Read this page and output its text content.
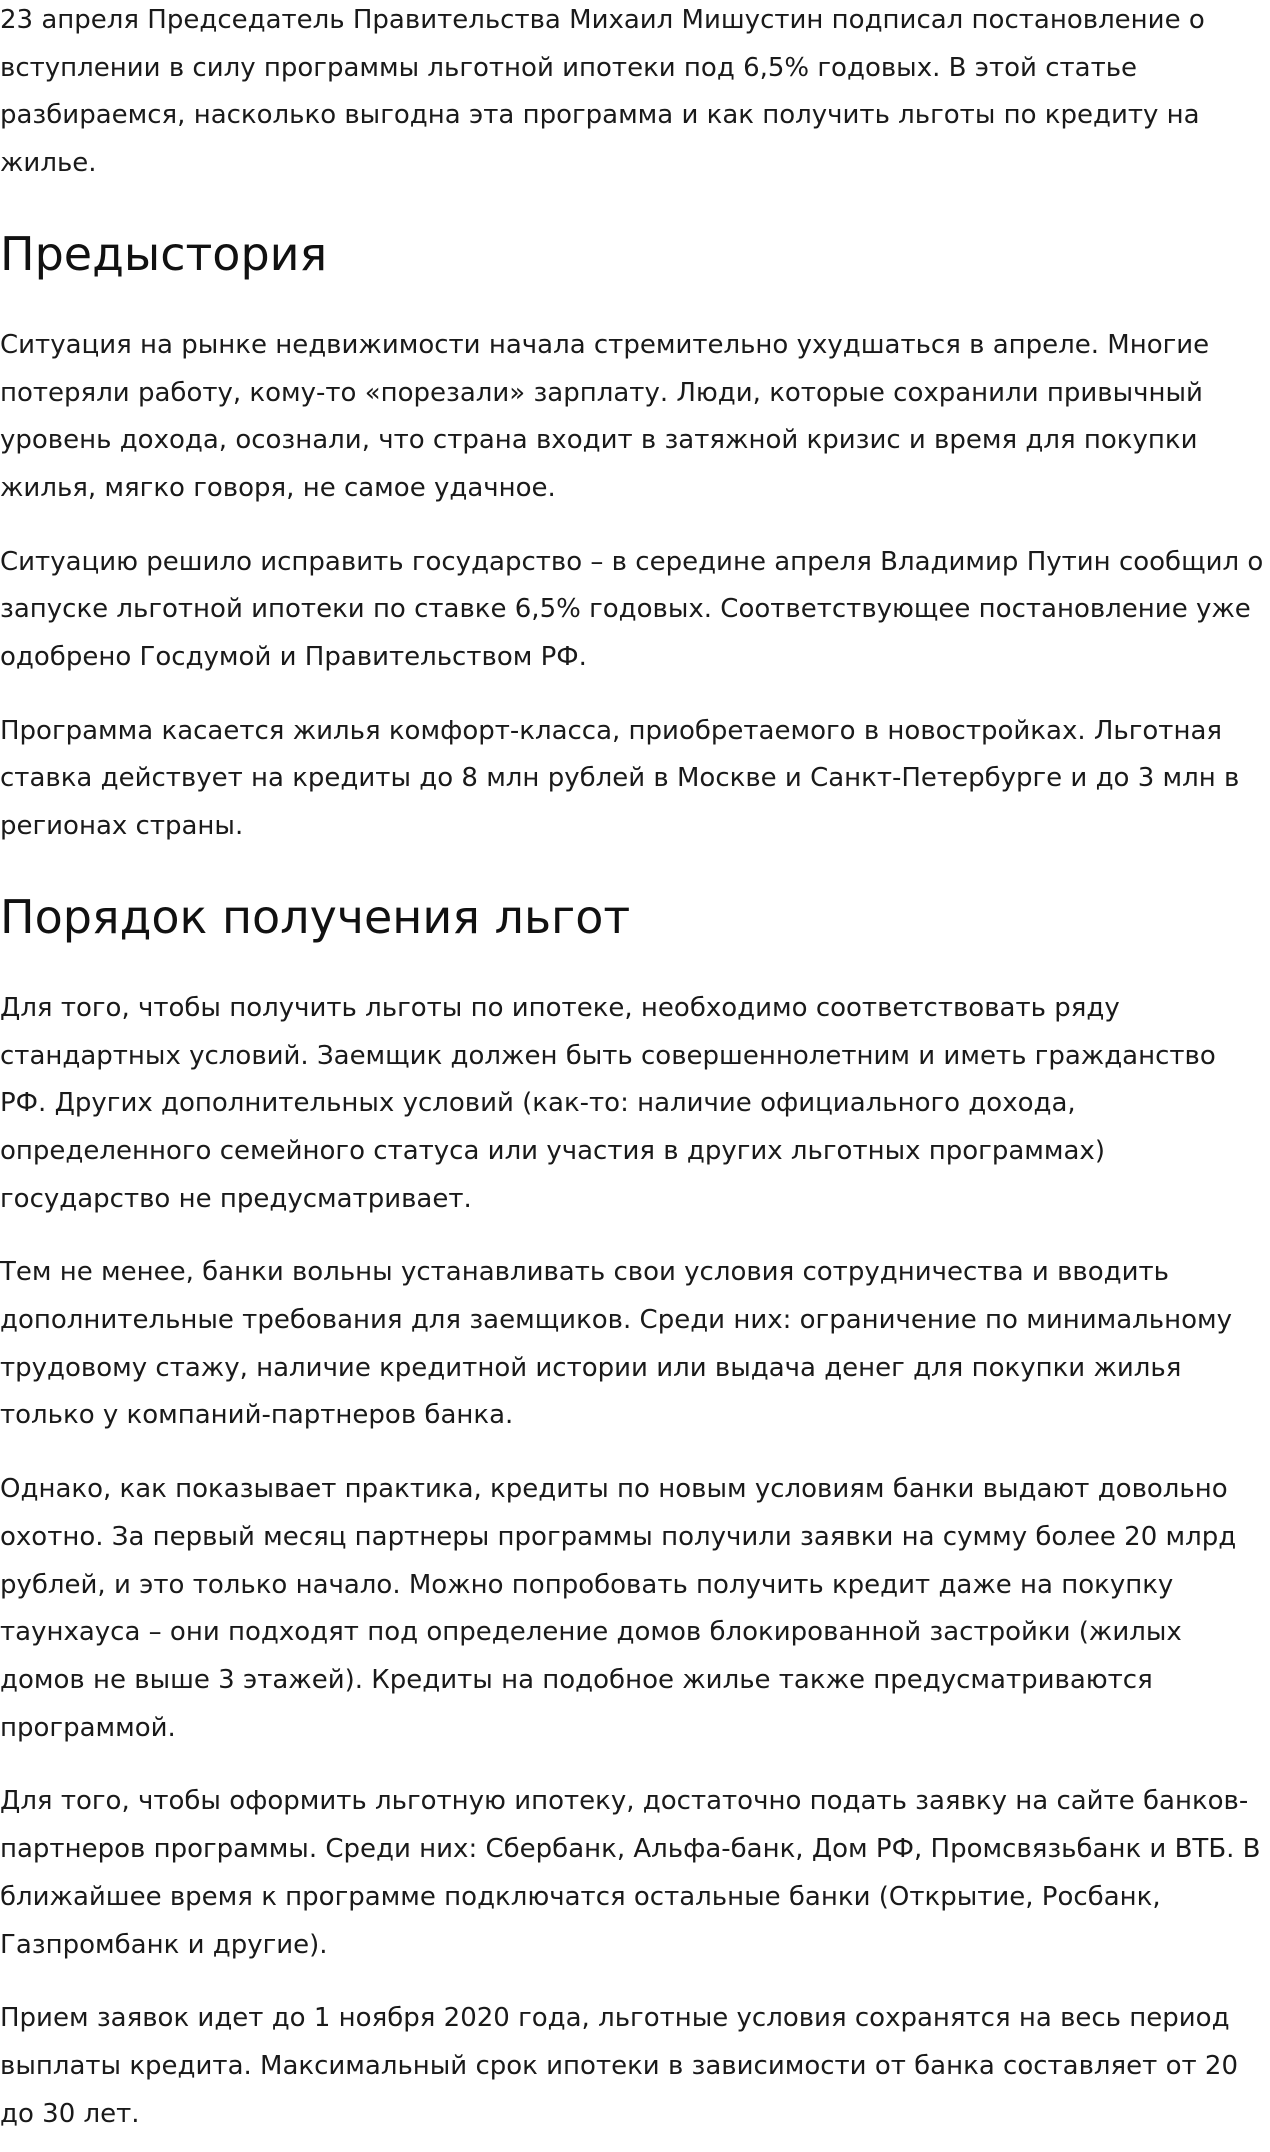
23 апреля Председатель Правительства Михаил Мишустин подписал постановление о вступлении в силу программы льготной ипотеки под 6,5% годовых. В этой статье разбираемся, насколько выгодна эта программа и как получить льготы по кредиту на жилье.

Предыстория

Ситуация на рынке недвижимости начала стремительно ухудшаться в апреле. Многие потеряли работу, кому-то «порезали» зарплату. Люди, которые сохранили привычный уровень дохода, осознали, что страна входит в затяжной кризис и время для покупки жилья, мягко говоря, не самое удачное.

Ситуацию решило исправить государство – в середине апреля Владимир Путин сообщил о запуске льготной ипотеки по ставке 6,5% годовых. Соответствующее постановление уже одобрено Госдумой и Правительством РФ.

Программа касается жилья комфорт-класса, приобретаемого в новостройках. Льготная ставка действует на кредиты до 8 млн рублей в Москве и Санкт-Петербурге и до 3 млн в регионах страны.

Порядок получения льгот

Для того, чтобы получить льготы по ипотеке, необходимо соответствовать ряду стандартных условий. Заемщик должен быть совершеннолетним и иметь гражданство РФ. Других дополнительных условий (как-то: наличие официального дохода, определенного семейного статуса или участия в других льготных программах) государство не предусматривает.

Тем не менее, банки вольны устанавливать свои условия сотрудничества и вводить дополнительные требования для заемщиков. Среди них: ограничение по минимальному трудовому стажу, наличие кредитной истории или выдача денег для покупки жилья только у компаний-партнеров банка.

Однако, как показывает практика, кредиты по новым условиям банки выдают довольно охотно. За первый месяц партнеры программы получили заявки на сумму более 20 млрд рублей, и это только начало. Можно попробовать получить кредит даже на покупку таунхауса – они подходят под определение домов блокированной застройки (жилых домов не выше 3 этажей). Кредиты на подобное жилье также предусматриваются программой.

Для того, чтобы оформить льготную ипотеку, достаточно подать заявку на сайте банков-партнеров программы. Среди них: Сбербанк, Альфа-банк, Дом РФ, Промсвязьбанк и ВТБ. В ближайшее время к программе подключатся остальные банки (Открытие, Росбанк, Газпромбанк и другие).

Прием заявок идет до 1 ноября 2020 года, льготные условия сохранятся на весь период выплаты кредита. Максимальный срок ипотеки в зависимости от банка составляет от 20 до 30 лет.
